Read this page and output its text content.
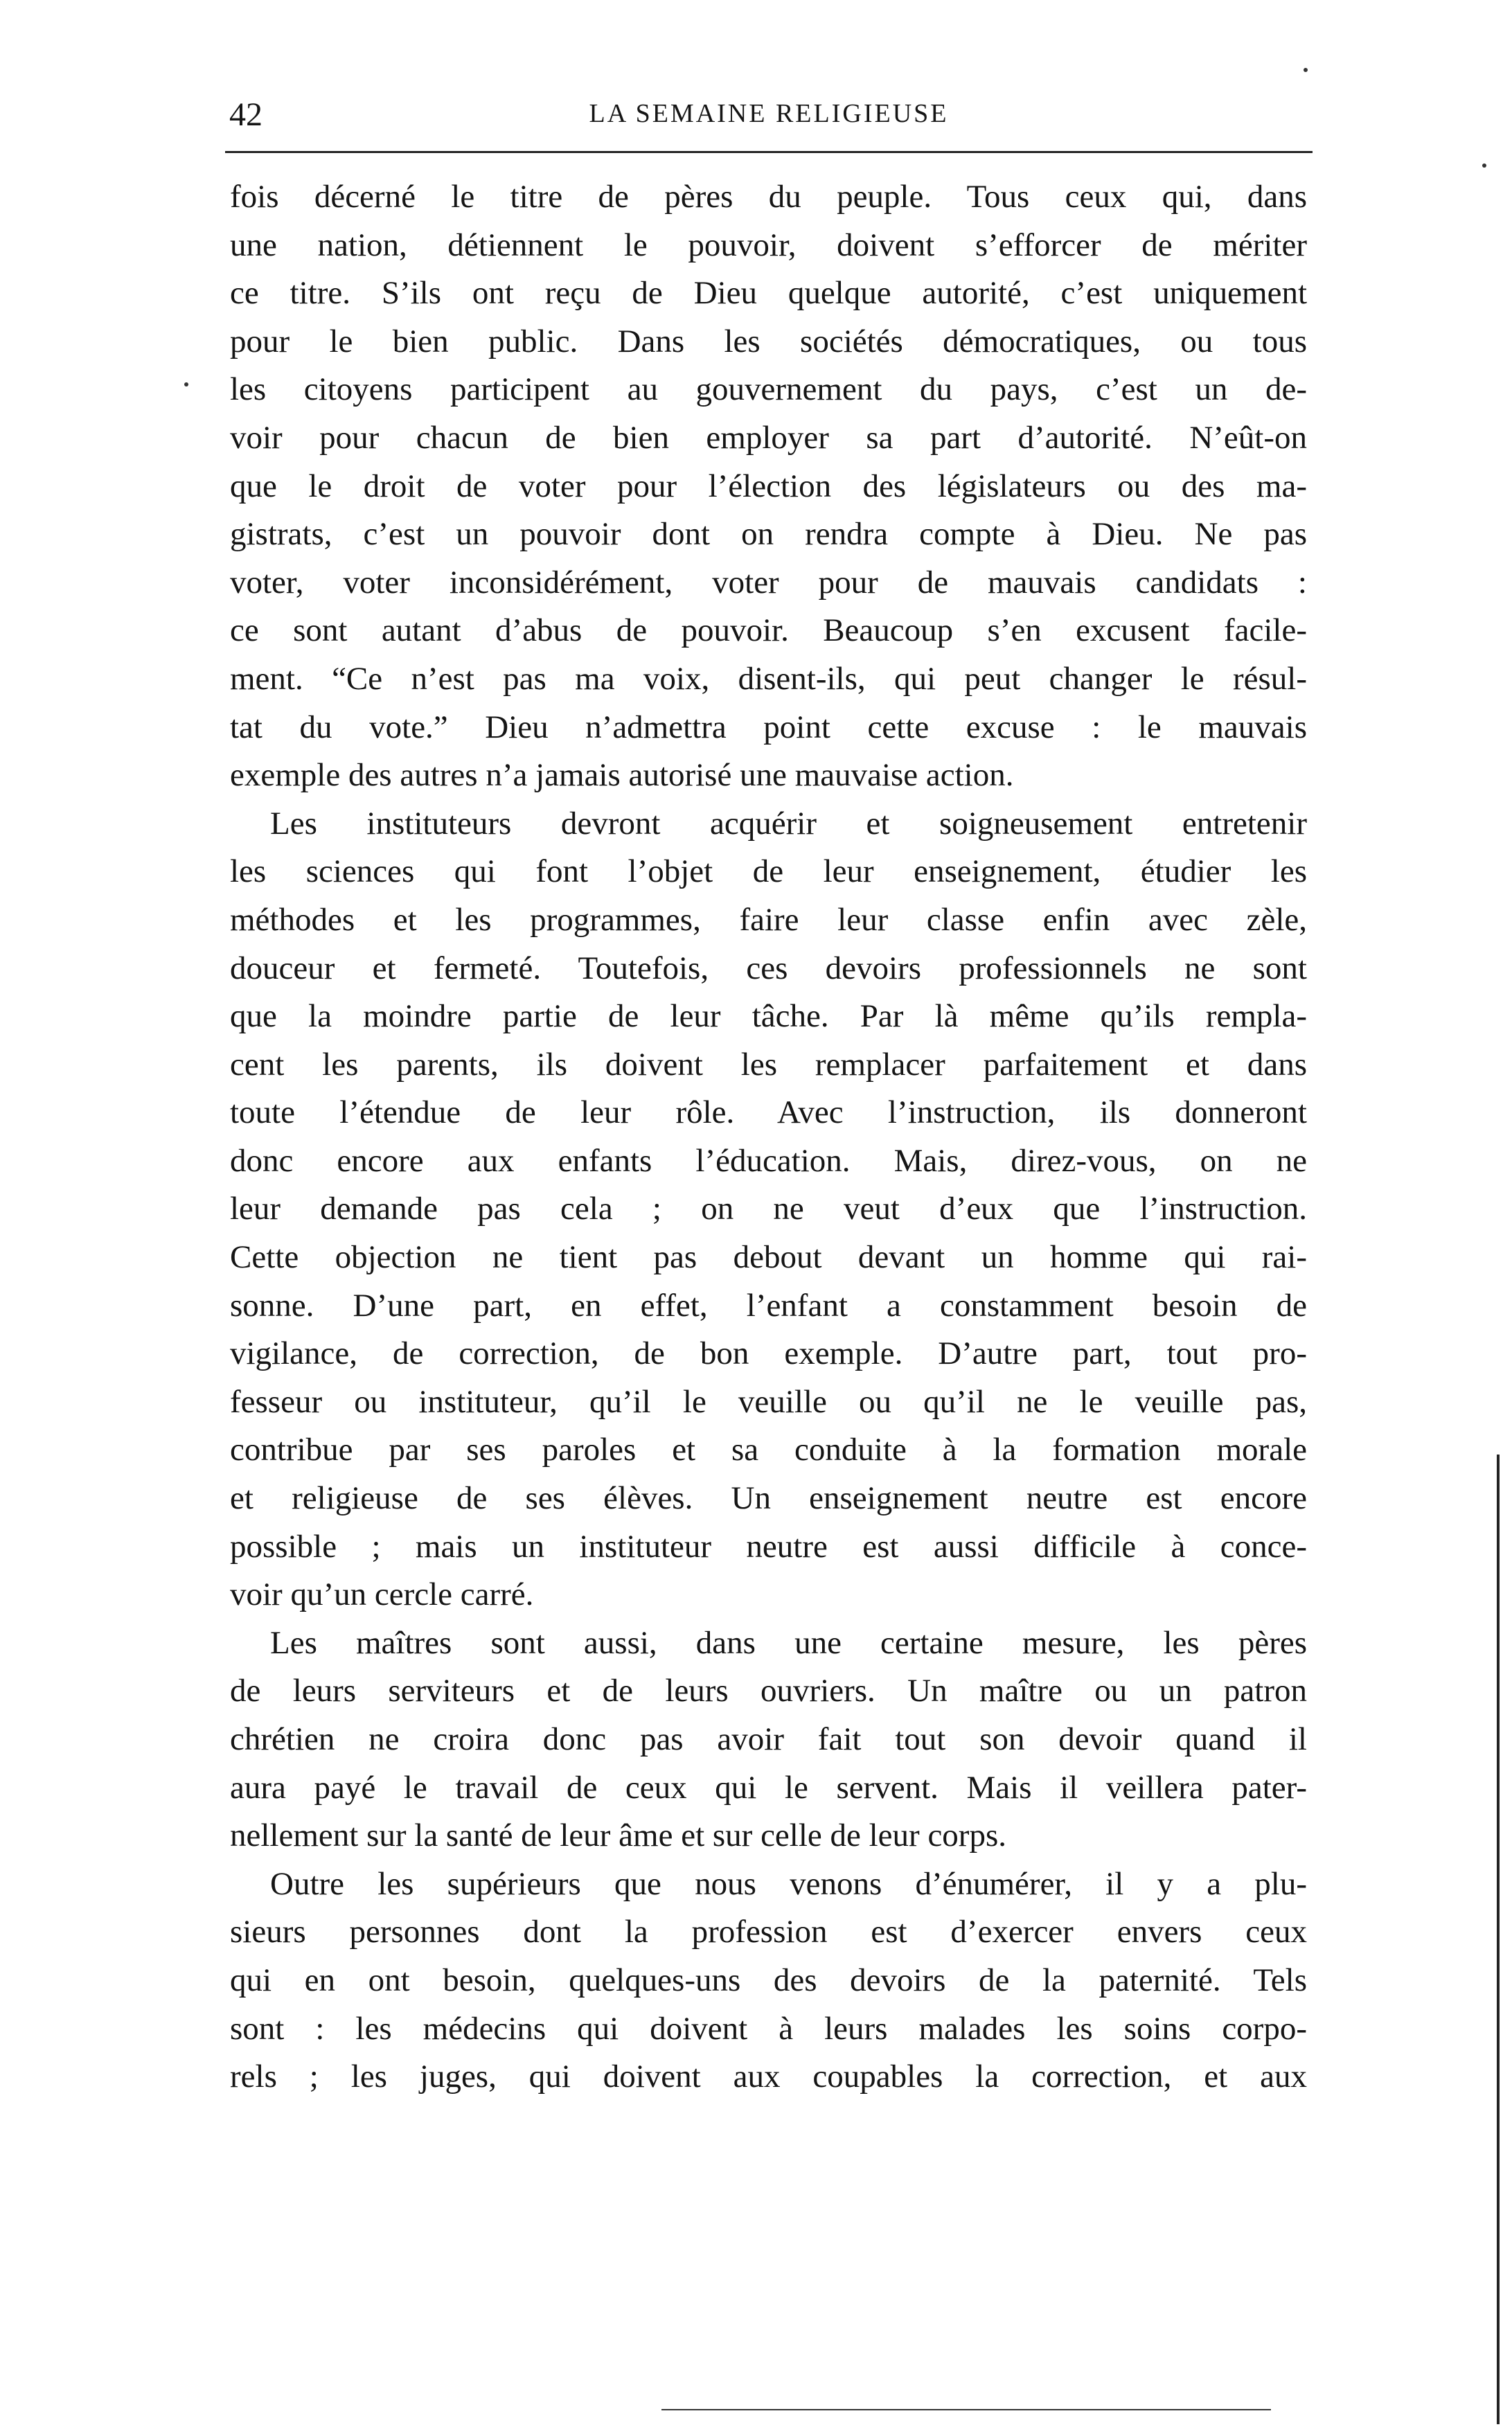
42	LA SEMAINE RELIGIEUSE
fois décerné le titre de pères du peuple. Tous ceux qui, dans
une nation, détiennent le pouvoir, doivent s’efforcer de mériter
ce titre. S’ils ont reçu de Dieu quelque autorité, c’est uniquement
pour le bien public. Dans les sociétés démocratiques, ou tous
les citoyens participent au gouvernement du pays, c’est un de-
voir pour chacun de bien employer sa part d’autorité. N’eût-on
que le droit de voter pour l’élection des législateurs ou des ma-
gistrats, c’est un pouvoir dont on rendra compte à Dieu. Ne pas
voter, voter inconsidérément, voter pour de mauvais candidats :
ce sont autant d’abus de pouvoir. Beaucoup s’en excusent facile-
ment. “Ce n’est pas ma voix, disent-ils, qui peut changer le résul-
tat du vote.” Dieu n’admettra point cette excuse : le mauvais
exemple des autres n’a jamais autorisé une mauvaise action.
Les instituteurs devront acquérir et soigneusement entretenir
les sciences qui font l’objet de leur enseignement, étudier les
méthodes et les programmes, faire leur classe enfin avec zèle,
douceur et fermeté. Toutefois, ces devoirs professionnels ne sont
que la moindre partie de leur tâche. Par là même qu’ils rempla-
cent les parents, ils doivent les remplacer parfaitement et dans
toute l’étendue de leur rôle. Avec l’instruction, ils donneront
donc encore aux enfants l’éducation. Mais, direz-vous, on ne
leur demande pas cela ; on ne veut d’eux que l’instruction.
Cette objection ne tient pas debout devant un homme qui rai-
sonne. D’une part, en effet, l’enfant a constamment besoin de
vigilance, de correction, de bon exemple. D’autre part, tout pro-
fesseur ou instituteur, qu’il le veuille ou qu’il ne le veuille pas,
contribue par ses paroles et sa conduite à la formation morale
et religieuse de ses élèves. Un enseignement neutre est encore
possible ; mais un instituteur neutre est aussi difficile à conce-
voir qu’un cercle carré.
Les maîtres sont aussi, dans une certaine mesure, les pères
de leurs serviteurs et de leurs ouvriers. Un maître ou un patron
chrétien ne croira donc pas avoir fait tout son devoir quand il
aura payé le travail de ceux qui le servent. Mais il veillera pater-
nellement sur la santé de leur âme et sur celle de leur corps.
Outre les supérieurs que nous venons d’énumérer, il y a plu-
sieurs personnes dont la profession est d’exercer envers ceux
qui en ont besoin, quelques-uns des devoirs de la paternité. Tels
sont : les médecins qui doivent à leurs malades les soins corpo-
rels ; les juges, qui doivent aux coupables la correction, et aux
